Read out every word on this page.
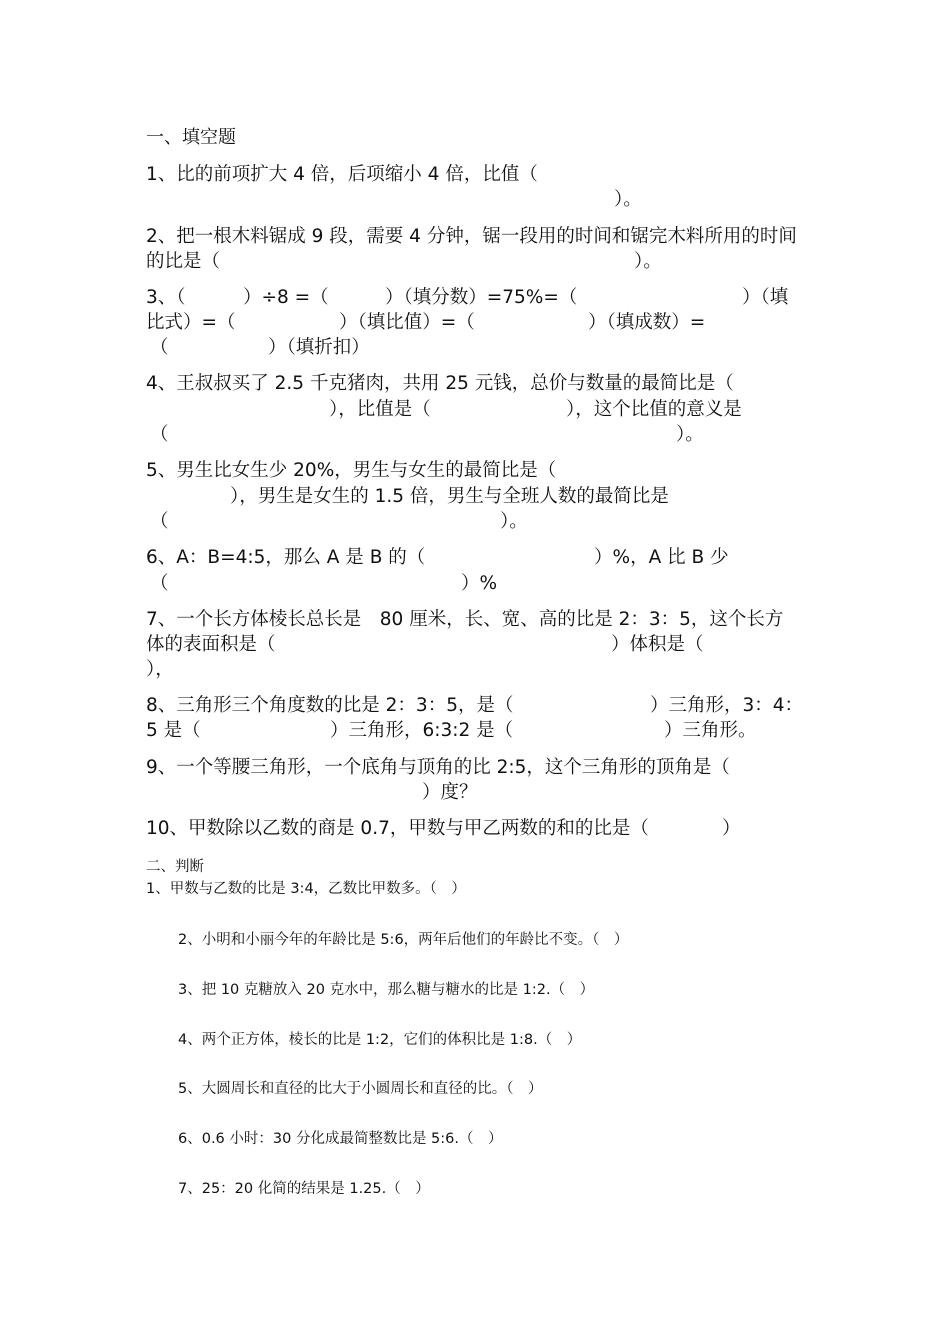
一、填空题
1、比的前项扩大 4 倍，后项缩小 4 倍，比值（
）。
2、把一根木料锯成 9 段，需要 4 分钟，锯一段用的时间和锯完木料所用的时间
的比是（	）。
3、（	）÷8 =（	）（填分数）=75%=（	）（填
比式）=（	）（填比值）=（	）（填成数）=
（	）（填折扣）
4、王叔叔买了 2.5 千克猪肉，共用 25 元钱，总价与数量的最简比是（
），比值是（	），这个比值的意义是
（	）。
5、男生比女生少 20%，男生与女生的最简比是（
），男生是女生的 1.5 倍，男生与全班人数的最简比是
（	）。
6、A：B=4:5，那么 A 是 B 的（	）%，A 比 B 少
（	）%
7、一个长方体棱长总长是　80 厘米，长、宽、高的比是 2：3：5，这个长方
体的表面积是（	）体积是（
），
8、三角形三个角度数的比是 2：3：5，是（	）三角形，3：4：
5 是（	）三角形，6:3:2 是（	）三角形。
9、一个等腰三角形，一个底角与顶角的比 2:5，这个三角形的顶角是（
）度？
10、甲数除以乙数的商是 0.7，甲数与甲乙两数的和的比是（	）
二、判断
1、甲数与乙数的比是 3:4，乙数比甲数多。（　）
2、小明和小丽今年的年龄比是 5:6，两年后他们的年龄比不变。（　）
3、把 10 克糖放入 20 克水中，那么糖与糖水的比是 1:2.（　）
4、两个正方体，棱长的比是 1:2，它们的体积比是 1:8.（　）
5、大圆周长和直径的比大于小圆周长和直径的比。（　）
6、0.6 小时：30 分化成最简整数比是 5:6.（　）
7、25：20 化简的结果是 1.25.（　）
